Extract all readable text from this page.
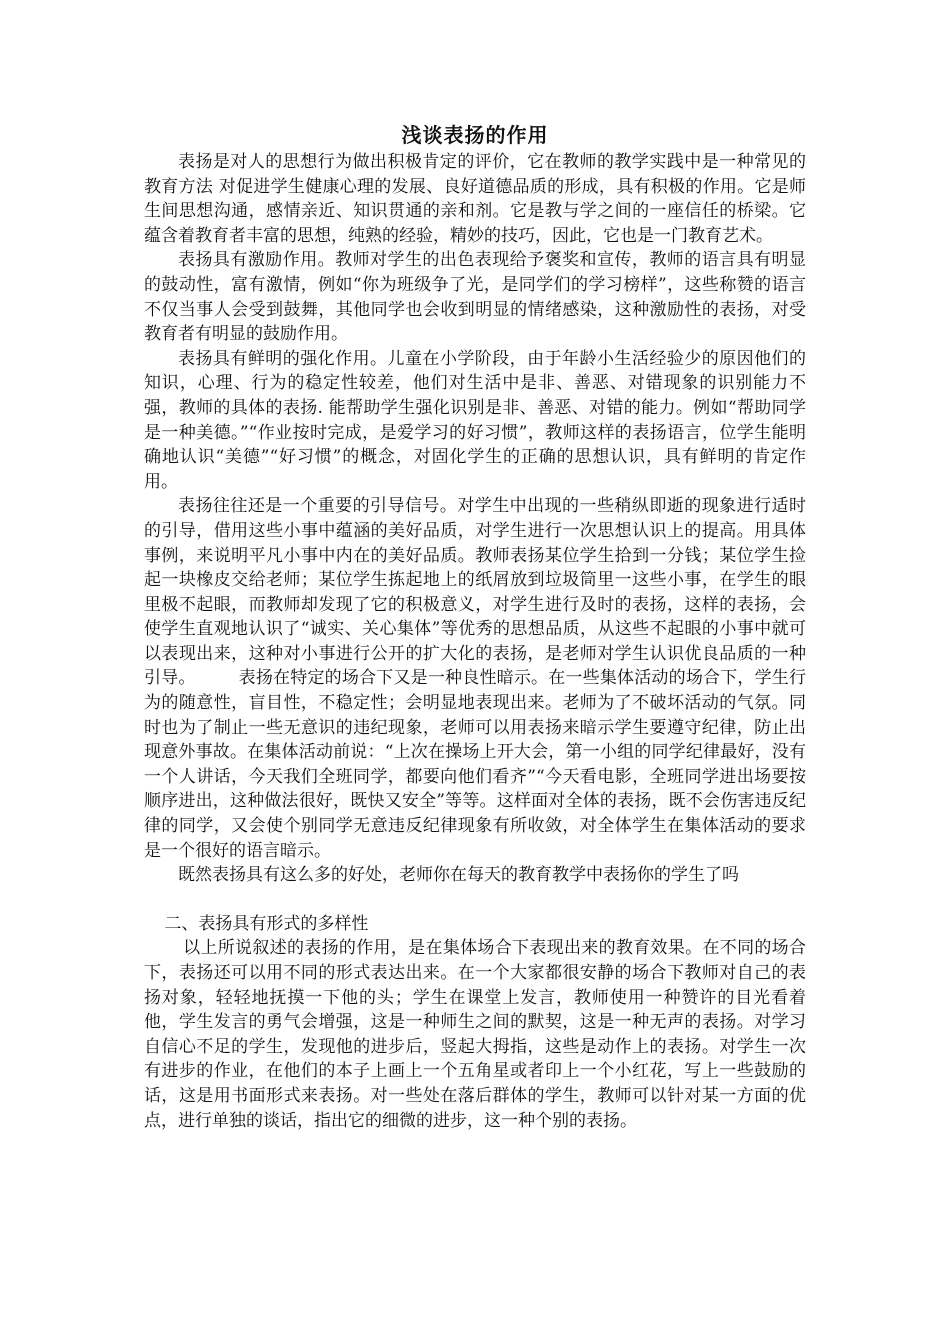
浅谈表扬的作用

表扬是对人的思想行为做出积极肯定的评价，它在教师的教学实践中是一种常见的教育方法 对促进学生健康心理的发展、良好道德品质的形成，具有积极的作用。它是师生间思想沟通，感情亲近、知识贯通的亲和剂。它是教与学之间的一座信任的桥梁。它蕴含着教育者丰富的思想，纯熟的经验，精妙的技巧，因此，它也是一门教育艺术。

表扬具有激励作用。教师对学生的出色表现给予褒奖和宣传，教师的语言具有明显的鼓动性，富有激情，例如“你为班级争了光，是同学们的学习榜样”，这些称赞的语言不仅当事人会受到鼓舞，其他同学也会收到明显的情绪感染，这种激励性的表扬，对受教育者有明显的鼓励作用。

表扬具有鲜明的强化作用。儿童在小学阶段，由于年龄小生活经验少的原因他们的知识，心理、行为的稳定性较差，他们对生活中是非、善恶、对错现象的识别能力不强，教师的具体的表扬. 能帮助学生强化识别是非、善恶、对错的能力。例如“帮助同学是一种美德。”“作业按时完成，是爱学习的好习惯”，教师这样的表扬语言，位学生能明确地认识“美德”“好习惯”的概念，对固化学生的正确的思想认识，具有鲜明的肯定作用。

表扬往往还是一个重要的引导信号。对学生中出现的一些稍纵即逝的现象进行适时的引导，借用这些小事中蕴涵的美好品质，对学生进行一次思想认识上的提高。用具体事例，来说明平凡小事中内在的美好品质。教师表扬某位学生拾到一分钱；某位学生捡起一块橡皮交给老师；某位学生拣起地上的纸屑放到垃圾筒里一这些小事，在学生的眼里极不起眼，而教师却发现了它的积极意义，对学生进行及时的表扬，这样的表扬，会使学生直观地认识了“诚实、关心集体”等优秀的思想品质，从这些不起眼的小事中就可以表现出来，这种对小事进行公开的扩大化的表扬，是老师对学生认识优良品质的一种引导。　　　表扬在特定的场合下又是一种良性暗示。在一些集体活动的场合下，学生行为的随意性，盲目性，不稳定性；会明显地表现出来。老师为了不破坏活动的气氛。同时也为了制止一些无意识的违纪现象，老师可以用表扬来暗示学生要遵守纪律，防止出现意外事故。在集体活动前说：“上次在操场上开大会，第一小组的同学纪律最好，没有一个人讲话，今天我们全班同学，都要向他们看齐”“今天看电影，全班同学进出场要按顺序进出，这种做法很好，既快又安全”等等。这样面对全体的表扬，既不会伤害违反纪律的同学，又会使个别同学无意违反纪律现象有所收敛，对全体学生在集体活动的要求是一个很好的语言暗示。

既然表扬具有这么多的好处，老师你在每天的教育教学中表扬你的学生了吗

二、表扬具有形式的多样性

以上所说叙述的表扬的作用，是在集体场合下表现出来的教育效果。在不同的场合下，表扬还可以用不同的形式表达出来。在一个大家都很安静的场合下教师对自己的表扬对象，轻轻地抚摸一下他的头；学生在课堂上发言，教师使用一种赞许的目光看着他，学生发言的勇气会增强，这是一种师生之间的默契，这是一种无声的表扬。对学习自信心不足的学生，发现他的进步后，竖起大拇指，这些是动作上的表扬。对学生一次有进步的作业，在他们的本子上画上一个五角星或者印上一个小红花，写上一些鼓励的话，这是用书面形式来表扬。对一些处在落后群体的学生，教师可以针对某一方面的优点，进行单独的谈话，指出它的细微的进步，这一种个别的表扬。
